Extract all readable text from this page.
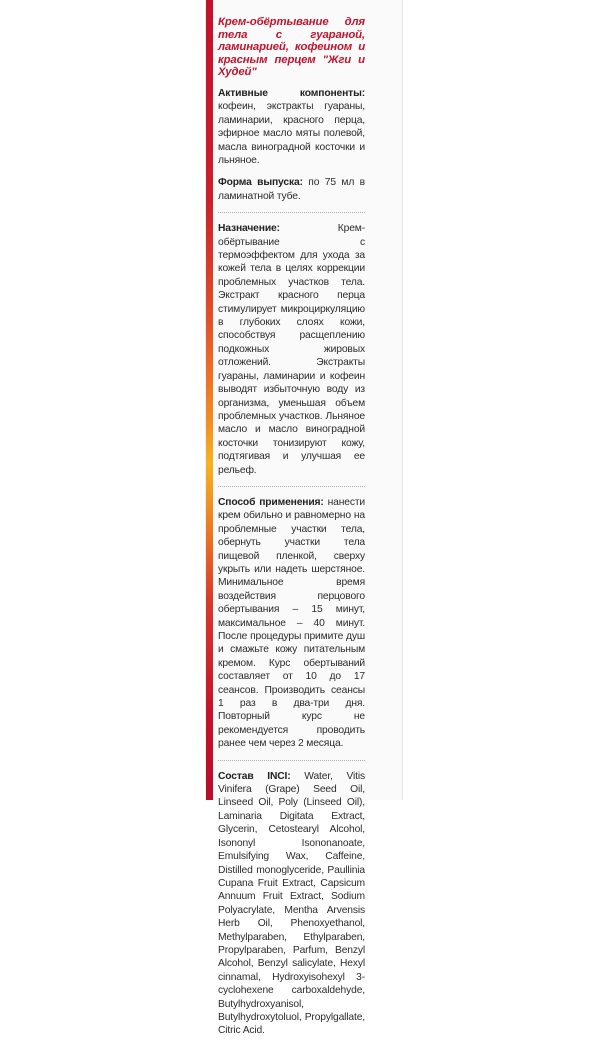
Крем-обёртывание для тела с гуараной, ламинарией, кофеином и красным перцем "Жги и Худей"
Активные компоненты: кофеин, экстракты гуараны, ламинарии, красного перца, эфирное масло мяты полевой, масла виноградной косточки и льняное.
Форма выпуска: по 75 мл в ламинатной тубе.
Назначение: Крем-обёртывание с термоэффектом для ухода за кожей тела в целях коррекции проблемных участков тела. Экстракт красного перца стимулирует микроциркуляцию в глубоких слоях кожи, способствуя расщеплению подкожных жировых отложений. Экстракты гуараны, ламинарии и кофеин выводят избыточную воду из организма, уменьшая объем проблемных участков. Льняное масло и масло виноградной косточки тонизируют кожу, подтягивая и улучшая ее рельеф.
Способ применения: нанести крем обильно и равномерно на проблемные участки тела, обернуть участки тела пищевой пленкой, сверху укрыть или надеть шерстяное. Минимальное время воздействия перцового обертывания – 15 минут, максимальное – 40 минут. После процедуры примите душ и смажьте кожу питательным кремом. Курс обертываний составляет от 10 до 17 сеансов. Производить сеансы 1 раз в два-три дня. Повторный курс не рекомендуется проводить ранее чем через 2 месяца.
Состав INCI: Water, Vitis Vinifera (Grape) Seed Oil, Linseed Oil, Poly (Linseed Oil), Laminaria Digitata Extract, Glycerin, Cetostearyl Alcohol, Isononyl Isononanoate, Emulsifying Wax, Caffeine, Distilled monoglyceride, Paullinia Cupana Fruit Extract, Capsicum Annuum Fruit Extract, Sodium Polyacrylate, Mentha Arvensis Herb Oil, Phenoxyethanol, Methylparaben, Ethylparaben, Propylparaben, Parfum, Benzyl Alcohol, Benzyl salicylate, Hexyl cinnamal, Hydroxyisohexyl 3-cyclohexene carboxaldehyde, Butylhydroxyanisol, Butylhydroxytoluol, Propylgallate, Citric Acid.
